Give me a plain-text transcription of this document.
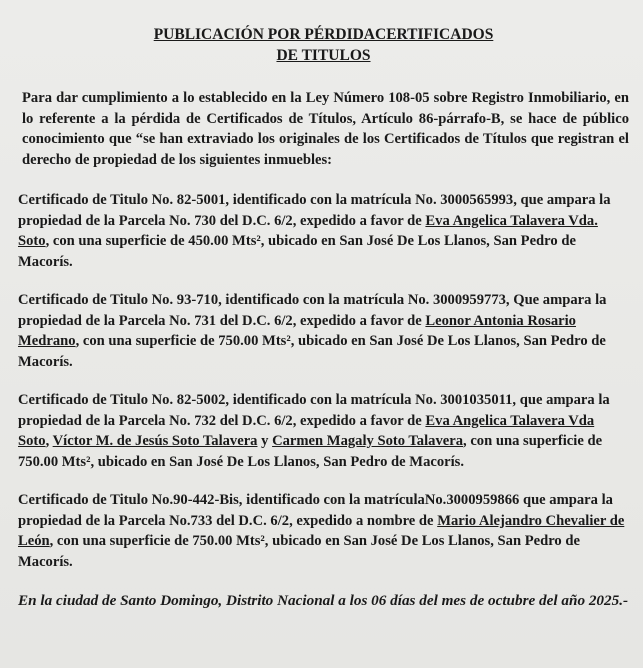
PUBLICACIÓN POR PÉRDIDACERTIFICADOS
DE TITULOS

Para dar cumplimiento a lo establecido en la Ley Número 108-05 sobre Registro Inmobiliario, en lo referente a la pérdida de Certificados de Títulos, Artículo 86-párrafo-B, se hace de público conocimiento que “se han extraviado los originales de los Certificados de Títulos que registran el derecho de propiedad de los siguientes inmuebles:

Certificado de Titulo No. 82-5001, identificado con la matrícula No. 3000565993, que ampara la propiedad de la Parcela No. 730 del D.C. 6/2, expedido a favor de Eva Angelica Talavera Vda. Soto, con una superficie de 450.00 Mts², ubicado en San José De Los Llanos, San Pedro de Macorís.

Certificado de Titulo No. 93-710, identificado con la matrícula No. 3000959773, Que ampara la propiedad de la Parcela No. 731 del D.C. 6/2, expedido a favor de Leonor Antonia Rosario Medrano, con una superficie de 750.00 Mts², ubicado en San José De Los Llanos, San Pedro de Macorís.

Certificado de Titulo No. 82-5002, identificado con la matrícula No. 3001035011, que ampara la propiedad de la Parcela No. 732 del D.C. 6/2, expedido a favor de Eva Angelica Talavera Vda Soto, Víctor M. de Jesús Soto Talavera y Carmen Magaly Soto Talavera, con una superficie de 750.00 Mts², ubicado en San José De Los Llanos, San Pedro de Macorís.

Certificado de Titulo No.90-442-Bis, identificado con la matrículaNo.3000959866 que ampara la propiedad de la Parcela No.733 del D.C. 6/2, expedido a nombre de Mario Alejandro Chevalier de León, con una superficie de 750.00 Mts², ubicado en San José De Los Llanos, San Pedro de Macorís.

En la ciudad de Santo Domingo, Distrito Nacional a los 06 días del mes de octubre del año 2025.-
